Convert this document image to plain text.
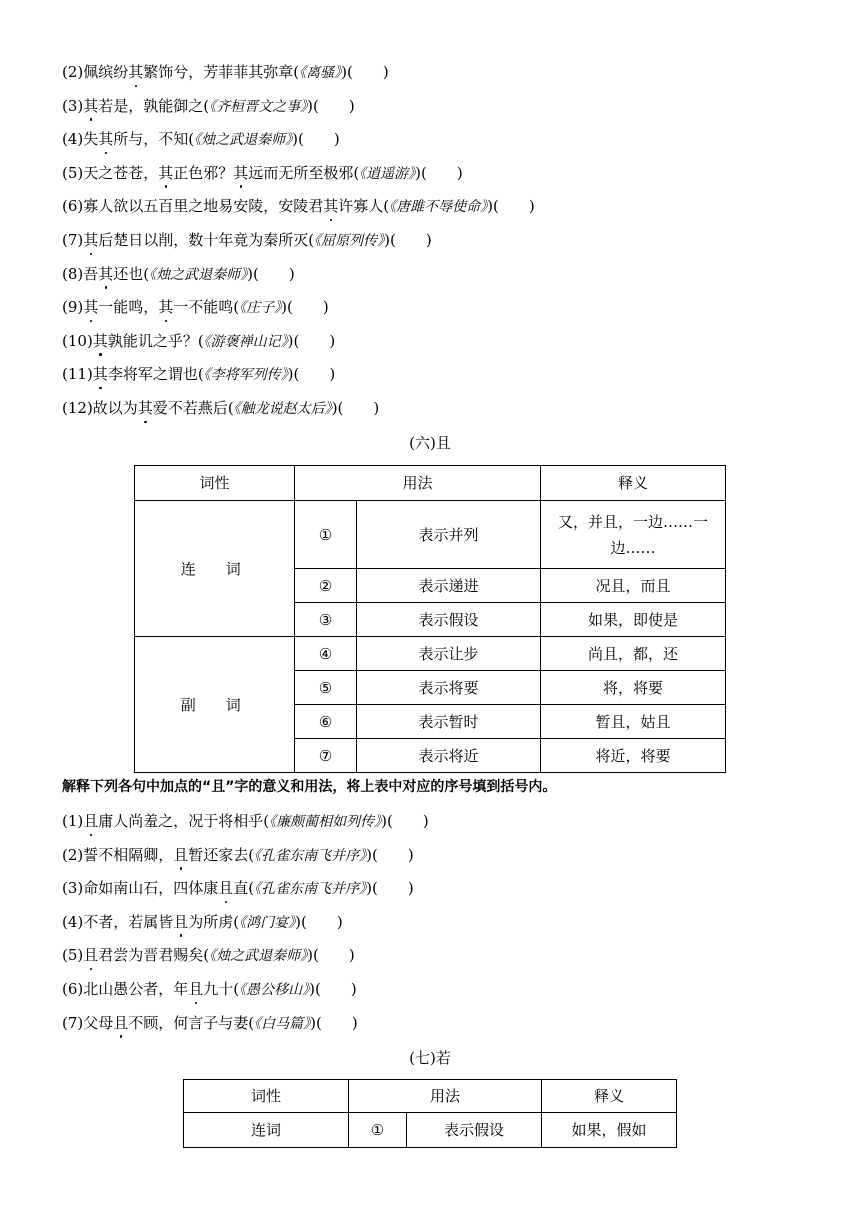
(2)佩缤纷其繁饰兮，芳菲菲其弥章(《离骚》)(　　)
(3)其若是，孰能御之(《齐桓晋文之事》)(　　)
(4)失其所与，不知(《烛之武退秦师》)(　　)
(5)天之苍苍，其正色邪？其远而无所至极邪(《逍遥游》)(　　)
(6)寡人欲以五百里之地易安陵，安陵君其许寡人(《唐雎不辱使命》)(　　)
(7)其后楚日以削，数十年竟为秦所灭(《屈原列传》)(　　)
(8)吾其还也(《烛之武退秦师》)(　　)
(9)其一能鸣，其一不能鸣(《庄子》)(　　)
(10)其孰能讥之乎？(《游褒禅山记》)(　　)
(11)其李将军之谓也(《李将军列传》)(　　)
(12)故以为其爱不若燕后(《触龙说赵太后》)(　　)
(六)且
词性	用法		释义
连　词	①	表示并列	又，并且，一边……一边……
	②	表示递进	况且，而且
	③	表示假设	如果，即使是
副　词	④	表示让步	尚且，都，还
	⑤	表示将要	将，将要
	⑥	表示暂时	暂且，姑且
	⑦	表示将近	将近，将要
解释下列各句中加点的“且”字的意义和用法，将上表中对应的序号填到括号内。
(1)且庸人尚羞之，况于将相乎(《廉颇蔺相如列传》)(　　)
(2)誓不相隔卿，且暂还家去(《孔雀东南飞并序》)(　　)
(3)命如南山石，四体康且直(《孔雀东南飞并序》)(　　)
(4)不者，若属皆且为所虏(《鸿门宴》)(　　)
(5)且君尝为晋君赐矣(《烛之武退秦师》)(　　)
(6)北山愚公者，年且九十(《愚公移山》)(　　)
(7)父母且不顾，何言子与妻(《白马篇》)(　　)
(七)若
词性	用法		释义
连词	①	表示假设	如果，假如
